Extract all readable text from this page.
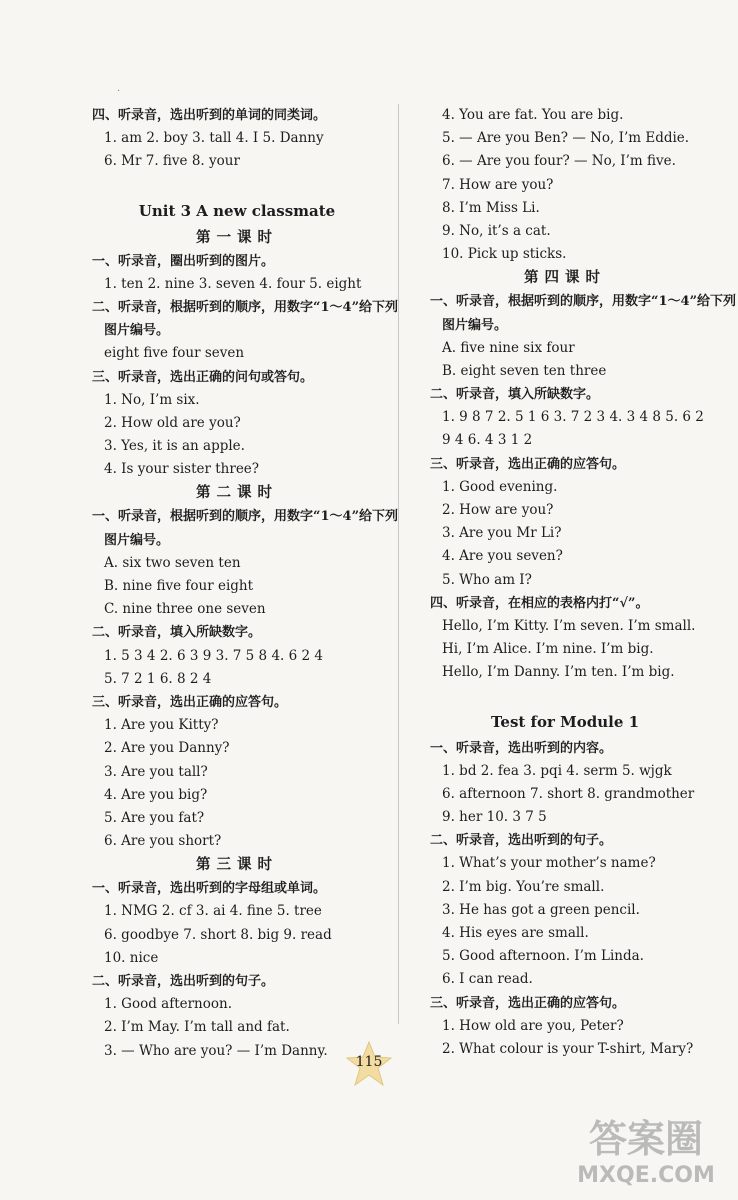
·
四、听录音，选出听到的单词的同类词。
1. am 2. boy 3. tall 4. I 5. Danny
6. Mr 7. five 8. your
Unit 3 A new classmate
第一课时
一、听录音，圈出听到的图片。
1. ten 2. nine 3. seven 4. four 5. eight
二、听录音，根据听到的顺序，用数字“1～4”给下列
图片编号。
eight five four seven
三、听录音，选出正确的问句或答句。
1. No, I’m six.
2. How old are you?
3. Yes, it is an apple.
4. Is your sister three?
第二课时
一、听录音，根据听到的顺序，用数字“1～4”给下列
图片编号。
A. six two seven ten
B. nine five four eight
C. nine three one seven
二、听录音，填入所缺数字。
1. 5 3 4 2. 6 3 9 3. 7 5 8 4. 6 2 4
5. 7 2 1 6. 8 2 4
三、听录音，选出正确的应答句。
1. Are you Kitty?
2. Are you Danny?
3. Are you tall?
4. Are you big?
5. Are you fat?
6. Are you short?
第三课时
一、听录音，选出听到的字母组或单词。
1. NMG 2. cf 3. ai 4. fine 5. tree
6. goodbye 7. short 8. big 9. read
10. nice
二、听录音，选出听到的句子。
1. Good afternoon.
2. I’m May. I’m tall and fat.
3. — Who are you? — I’m Danny.
4. You are fat. You are big.
5. — Are you Ben? — No, I’m Eddie.
6. — Are you four? — No, I’m five.
7. How are you?
8. I’m Miss Li.
9. No, it’s a cat.
10. Pick up sticks.
第四课时
一、听录音，根据听到的顺序，用数字“1～4”给下列
图片编号。
A. five nine six four
B. eight seven ten three
二、听录音，填入所缺数字。
1. 9 8 7 2. 5 1 6 3. 7 2 3 4. 3 4 8 5. 6 2
9 4 6. 4 3 1 2
三、听录音，选出正确的应答句。
1. Good evening.
2. How are you?
3. Are you Mr Li?
4. Are you seven?
5. Who am I?
四、听录音，在相应的表格内打“√”。
Hello, I’m Kitty. I’m seven. I’m small.
Hi, I’m Alice. I’m nine. I’m big.
Hello, I’m Danny. I’m ten. I’m big.
Test for Module 1
一、听录音，选出听到的内容。
1. bd 2. fea 3. pqi 4. serm 5. wjgk
6. afternoon 7. short 8. grandmother
9. her 10. 3 7 5
二、听录音，选出听到的句子。
1. What’s your mother’s name?
2. I’m big. You’re small.
3. He has got a green pencil.
4. His eyes are small.
5. Good afternoon. I’m Linda.
6. I can read.
三、听录音，选出正确的应答句。
1. How old are you, Peter?
2. What colour is your T-shirt, Mary?
115
答案圈
MXQE.COM
